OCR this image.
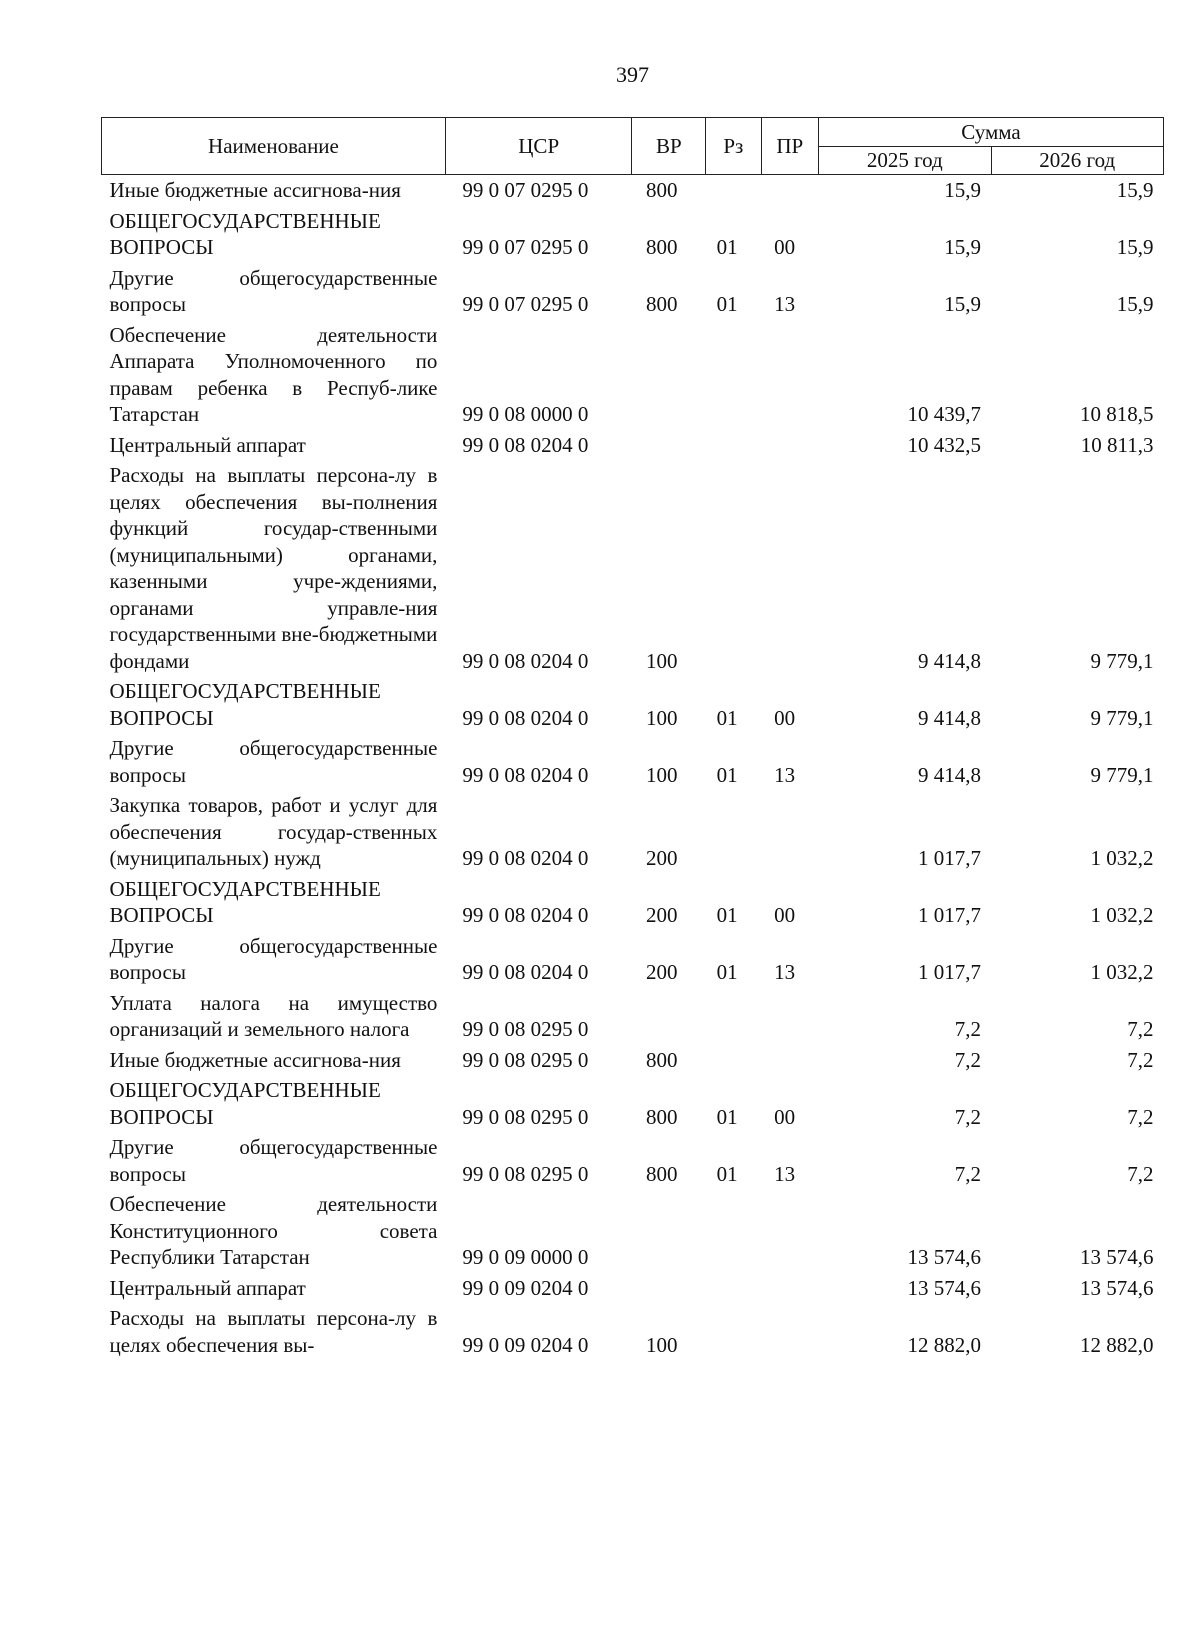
397
Наименование	ЦСР	ВР	Рз	ПР	Сумма	
					2025 год	2026 год
Иные бюджетные ассигнова-ния	99 0 07 0295 0	800			15,9	15,9
ОБЩЕГОСУДАРСТВЕННЫЕ ВОПРОСЫ	99 0 07 0295 0	800	01	00	15,9	15,9
Другие общегосударственные вопросы	99 0 07 0295 0	800	01	13	15,9	15,9
Обеспечение деятельности Аппарата Уполномоченного по правам ребенка в Респуб-лике Татарстан	99 0 08 0000 0				10 439,7	10 818,5
Центральный аппарат	99 0 08 0204 0				10 432,5	10 811,3
Расходы на выплаты персона-лу в целях обеспечения вы-полнения функций государ-ственными (муниципальными) органами, казенными учре-ждениями, органами управле-ния государственными вне-бюджетными фондами	99 0 08 0204 0	100			9 414,8	9 779,1
ОБЩЕГОСУДАРСТВЕННЫЕ ВОПРОСЫ	99 0 08 0204 0	100	01	00	9 414,8	9 779,1
Другие общегосударственные вопросы	99 0 08 0204 0	100	01	13	9 414,8	9 779,1
Закупка товаров, работ и услуг для обеспечения государ-ственных (муниципальных) нужд	99 0 08 0204 0	200			1 017,7	1 032,2
ОБЩЕГОСУДАРСТВЕННЫЕ ВОПРОСЫ	99 0 08 0204 0	200	01	00	1 017,7	1 032,2
Другие общегосударственные вопросы	99 0 08 0204 0	200	01	13	1 017,7	1 032,2
Уплата налога на имущество организаций и земельного налога	99 0 08 0295 0				7,2	7,2
Иные бюджетные ассигнова-ния	99 0 08 0295 0	800			7,2	7,2
ОБЩЕГОСУДАРСТВЕННЫЕ ВОПРОСЫ	99 0 08 0295 0	800	01	00	7,2	7,2
Другие общегосударственные вопросы	99 0 08 0295 0	800	01	13	7,2	7,2
Обеспечение деятельности Конституционного совета Республики Татарстан	99 0 09 0000 0				13 574,6	13 574,6
Центральный аппарат	99 0 09 0204 0				13 574,6	13 574,6
Расходы на выплаты персона-лу в целях обеспечения вы-	99 0 09 0204 0	100			12 882,0	12 882,0
